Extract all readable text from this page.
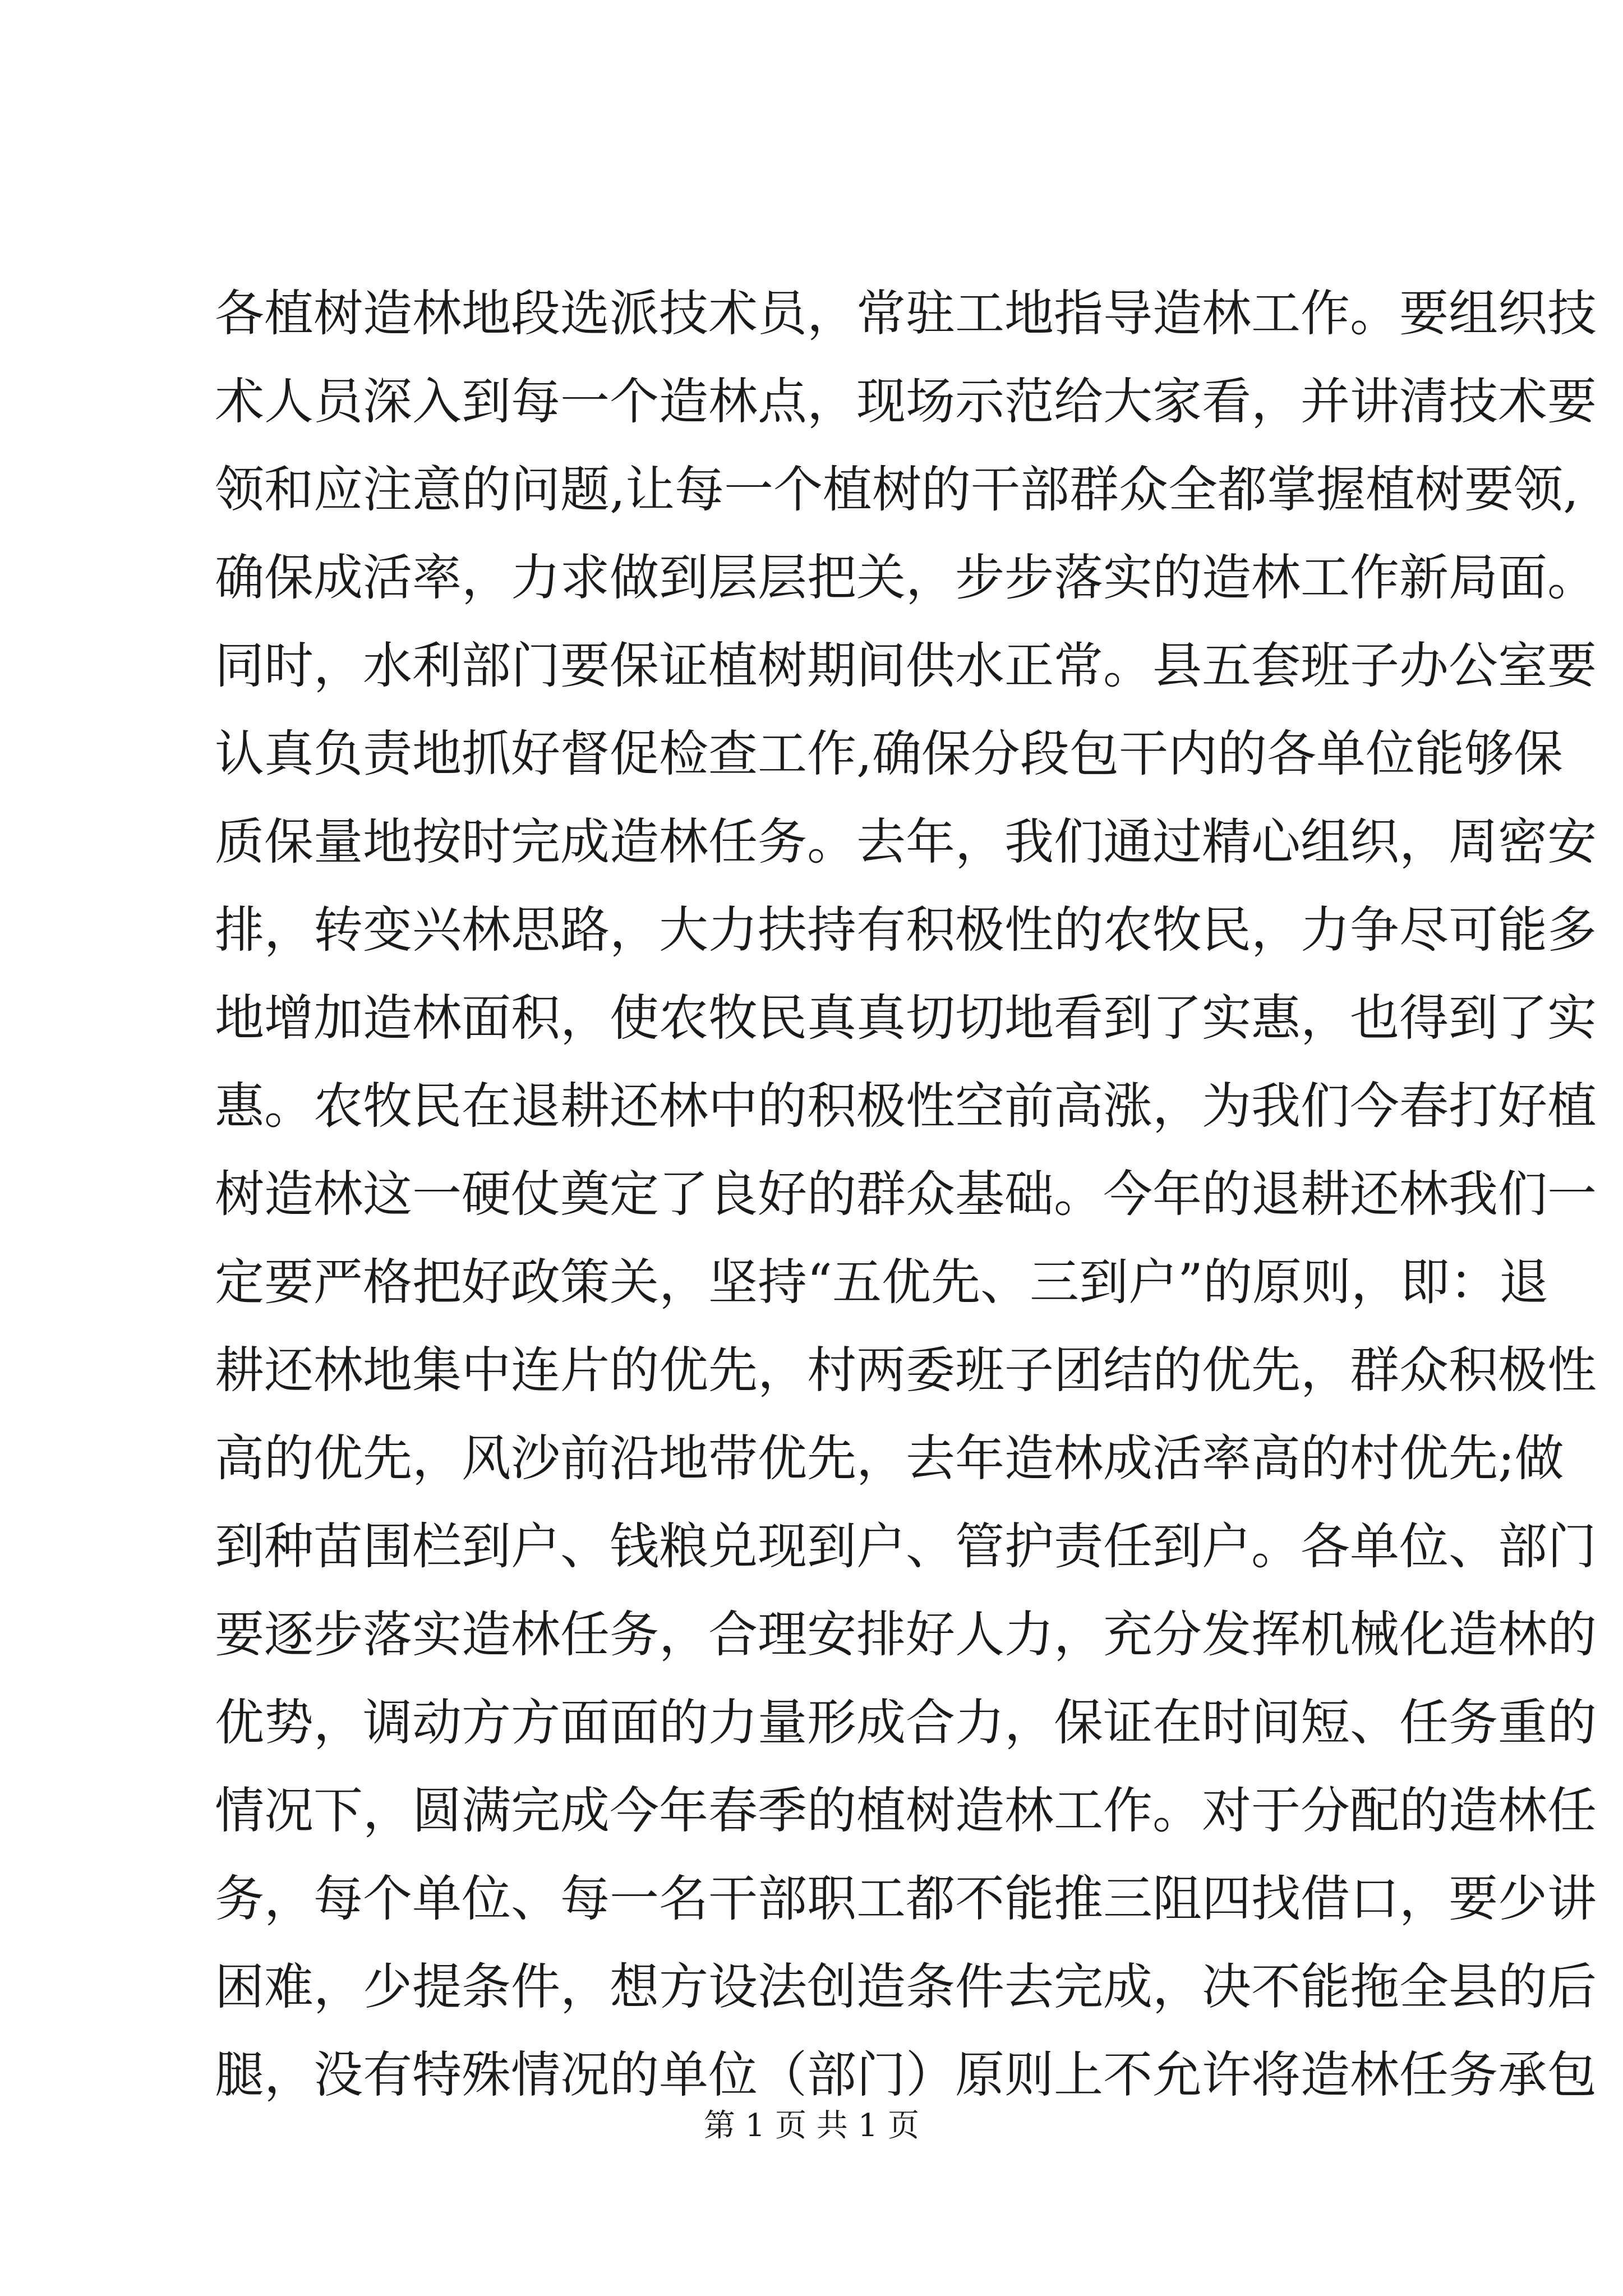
各植树造林地段选派技术员，常驻工地指导造林工作。要组织技
术人员深入到每一个造林点，现场示范给大家看，并讲清技术要
领和应注意的问题,让每一个植树的干部群众全都掌握植树要领,
确保成活率，力求做到层层把关，步步落实的造林工作新局面。
同时，水利部门要保证植树期间供水正常。县五套班子办公室要
认真负责地抓好督促检查工作,确保分段包干内的各单位能够保
质保量地按时完成造林任务。去年，我们通过精心组织，周密安
排，转变兴林思路，大力扶持有积极性的农牧民，力争尽可能多
地增加造林面积，使农牧民真真切切地看到了实惠，也得到了实
惠。农牧民在退耕还林中的积极性空前高涨，为我们今春打好植
树造林这一硬仗奠定了良好的群众基础。今年的退耕还林我们一
定要严格把好政策关，坚持“五优先、三到户”的原则，即：退
耕还林地集中连片的优先，村两委班子团结的优先，群众积极性
高的优先，风沙前沿地带优先，去年造林成活率高的村优先;做
到种苗围栏到户、钱粮兑现到户、管护责任到户。各单位、部门
要逐步落实造林任务，合理安排好人力，充分发挥机械化造林的
优势，调动方方面面的力量形成合力，保证在时间短、任务重的
情况下，圆满完成今年春季的植树造林工作。对于分配的造林任
务，每个单位、每一名干部职工都不能推三阻四找借口，要少讲
困难，少提条件，想方设法创造条件去完成，决不能拖全县的后
腿，没有特殊情况的单位（部门）原则上不允许将造林任务承包
第 1 页 共 1 页
